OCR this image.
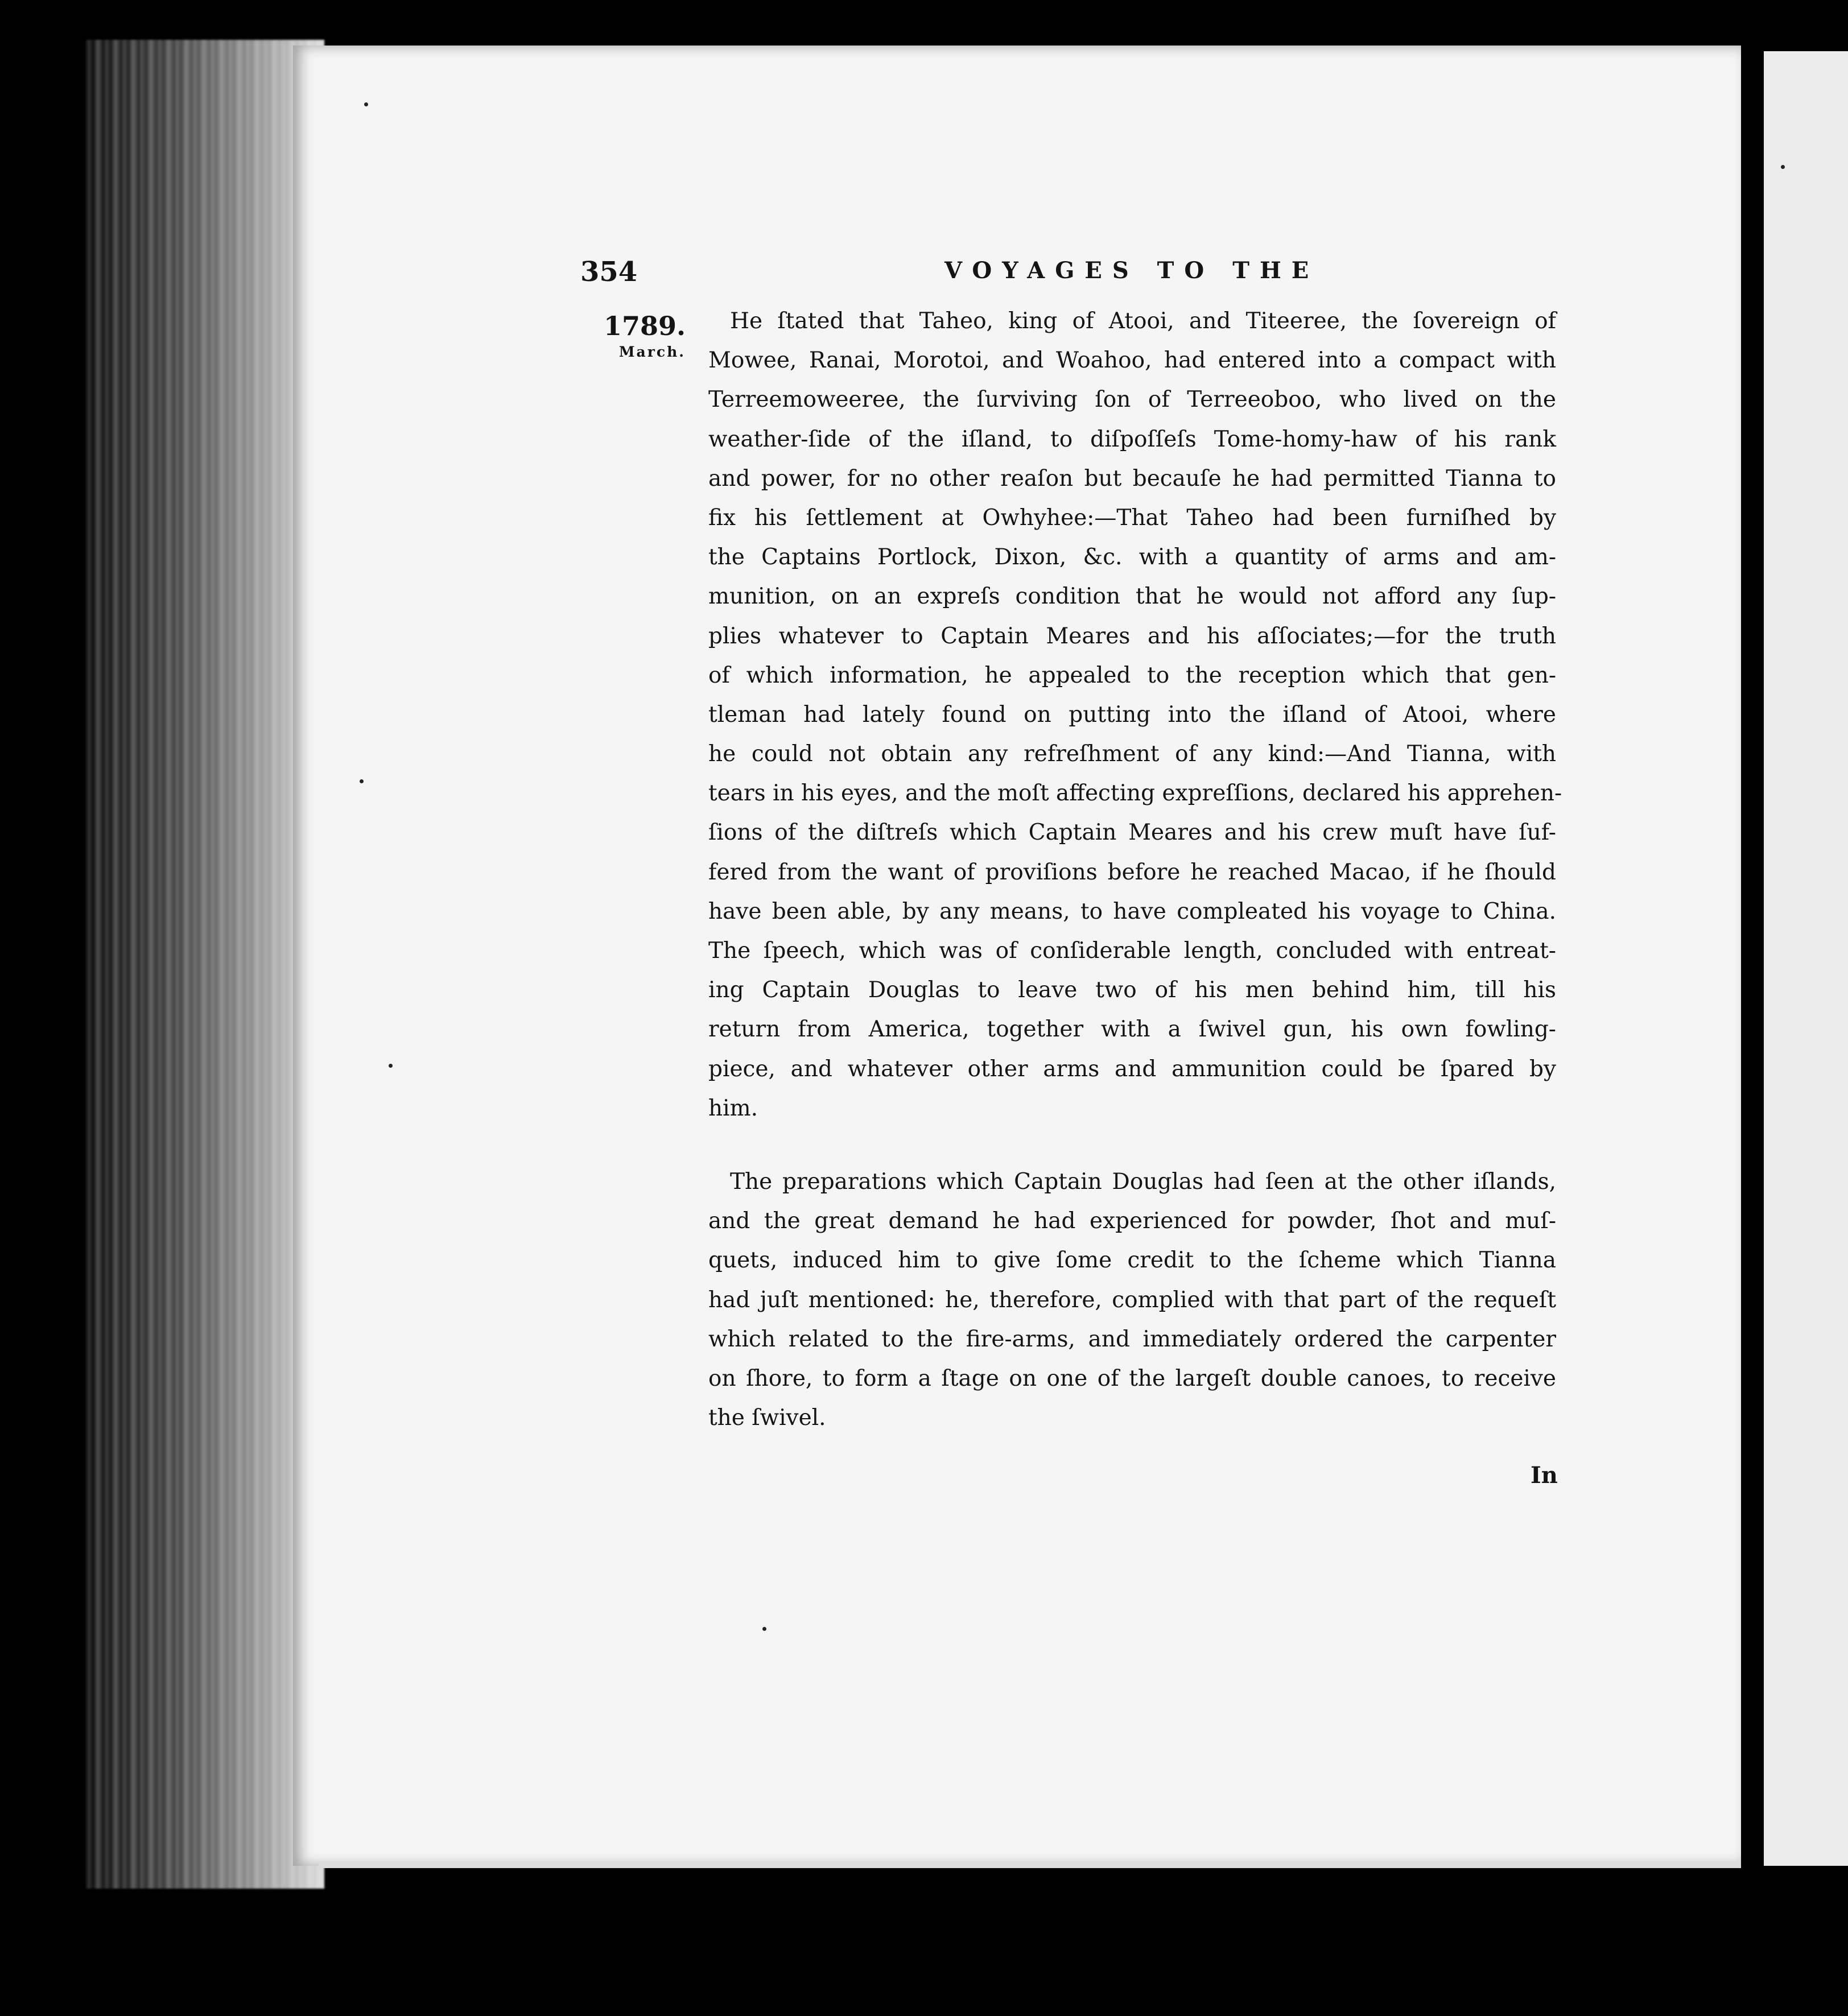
354	VOYAGES TO THE
1789.
March.
He ſtated that Taheo, king of Atooi, and Titeeree, the ſovereign of
Mowee, Ranai, Morotoi, and Woahoo, had entered into a compact with
Terreemoweeree, the ſurviving ſon of Terreeoboo, who lived on the
weather-ſide of the iſland, to diſpoſſeſs Tome-homy-haw of his rank
and power, for no other reaſon but becauſe he had permitted Tianna to
fix his ſettlement at Owhyhee:—That Taheo had been furniſhed by
the Captains Portlock, Dixon, &c. with a quantity of arms and am-
munition, on an expreſs condition that he would not afford any ſup-
plies whatever to Captain Meares and his aſſociates;—for the truth
of which information, he appealed to the reception which that gen-
tleman had lately found on putting into the iſland of Atooi, where
he could not obtain any refreſhment of any kind:—And Tianna, with
tears in his eyes, and the moſt affecting expreſſions, declared his apprehen-
ſions of the diſtreſs which Captain Meares and his crew muſt have ſuf-
fered from the want of proviſions before he reached Macao, if he ſhould
have been able, by any means, to have compleated his voyage to China.
The ſpeech, which was of conſiderable length, concluded with entreat-
ing Captain Douglas to leave two of his men behind him, till his
return from America, together with a ſwivel gun, his own fowling-
piece, and whatever other arms and ammunition could be ſpared by
him.
The preparations which Captain Douglas had ſeen at the other iſlands,
and the great demand he had experienced for powder, ſhot and muſ-
quets, induced him to give ſome credit to the ſcheme which Tianna
had juſt mentioned: he, therefore, complied with that part of the requeſt
which related to the fire-arms, and immediately ordered the carpenter
on ſhore, to form a ſtage on one of the largeſt double canoes, to receive
the ſwivel.
In
